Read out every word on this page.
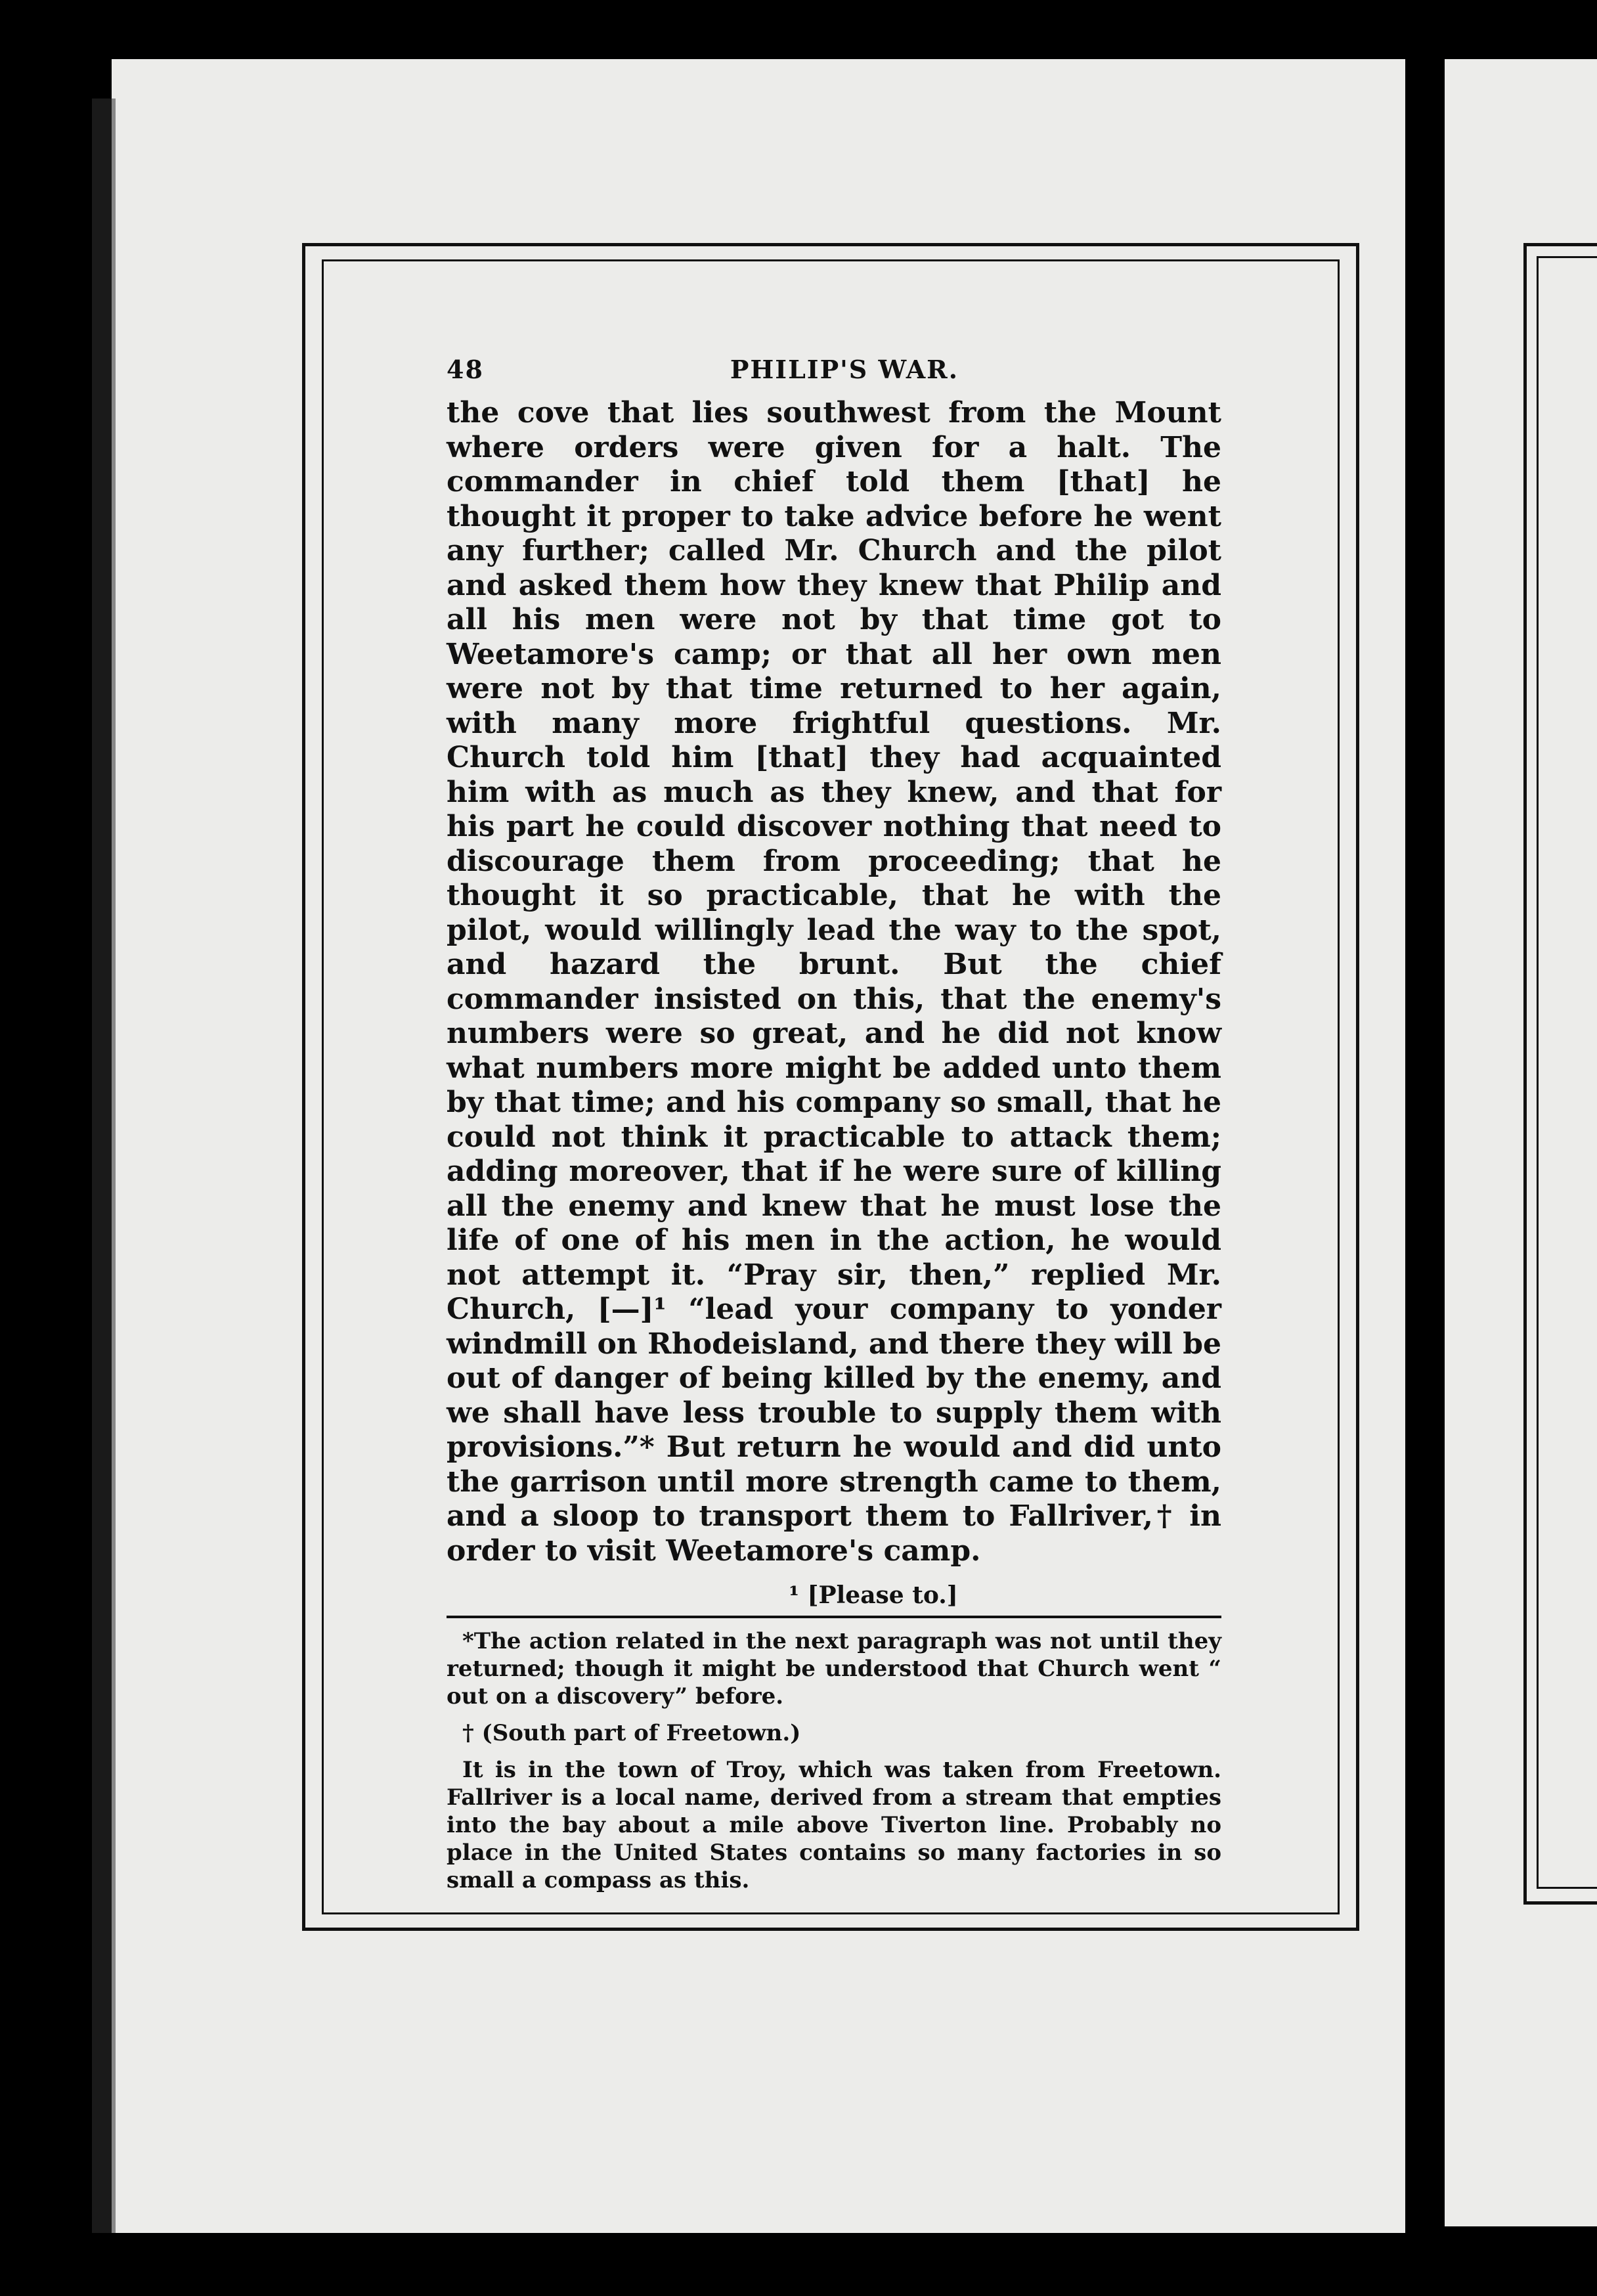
48	PHILIP'S WAR.
the cove that lies southwest from the Mount where orders were given for a halt. The commander in chief told them [that] he thought it proper to take advice before he went any further; called Mr. Church and the pilot and asked them how they knew that Philip and all his men were not by that time got to Weetamore's camp; or that all her own men were not by that time returned to her again, with many more frightful questions. Mr. Church told him [that] they had acquainted him with as much as they knew, and that for his part he could discover nothing that need to discourage them from proceeding; that he thought it so practicable, that he with the pilot, would willingly lead the way to the spot, and hazard the brunt. But the chief commander insisted on this, that the enemy's numbers were so great, and he did not know what numbers more might be added unto them by that time; and his company so small, that he could not think it practicable to attack them; adding moreover, that if he were sure of killing all the enemy and knew that he must lose the life of one of his men in the action, he would not attempt it. “Pray sir, then,” replied Mr. Church, [—]¹ “lead your company to yonder windmill on Rhodeisland, and there they will be out of danger of being killed by the enemy, and we shall have less trouble to supply them with provisions.”* But return he would and did unto the garrison until more strength came to them, and a sloop to transport them to Fallriver,† in order to visit Weetamore's camp.
¹ [Please to.]

*The action related in the next paragraph was not until they returned; though it might be understood that Church went “ out on a discovery” before.

† (South part of Freetown.)

It is in the town of Troy, which was taken from Freetown. Fallriver is a local name, derived from a stream that empties into the bay about a mile above Tiverton line. Probably no place in the United States contains so many factories in so small a compass as this.
